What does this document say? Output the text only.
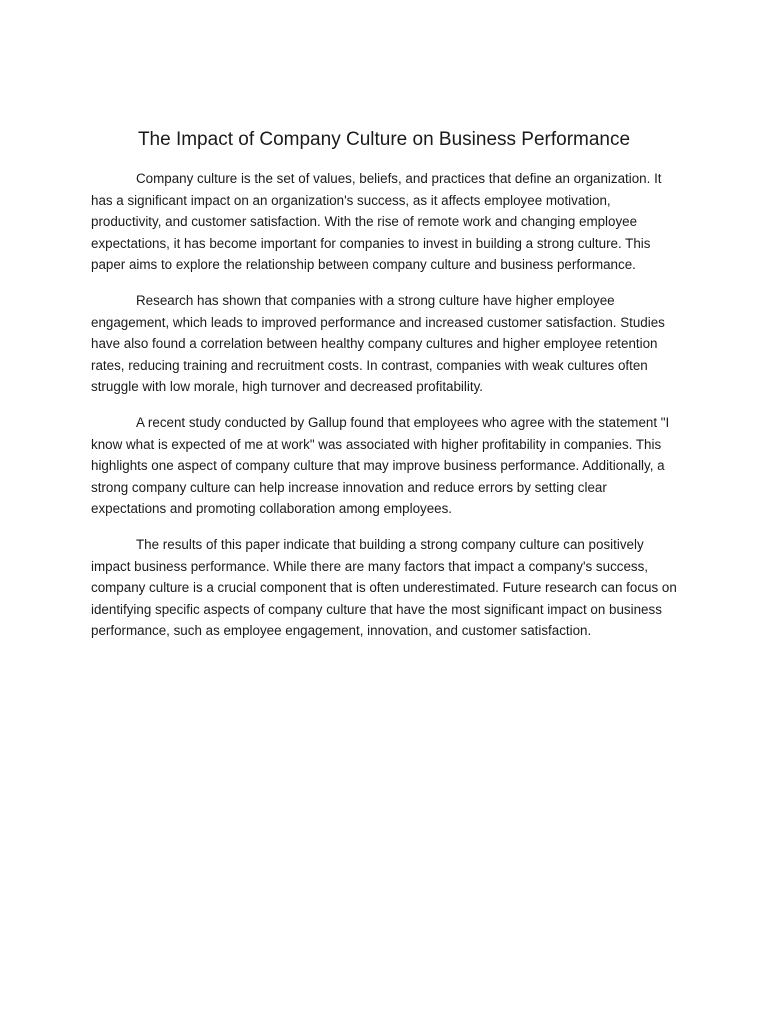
The Impact of Company Culture on Business Performance

Company culture is the set of values, beliefs, and practices that define an organization. It has a significant impact on an organization's success, as it affects employee motivation, productivity, and customer satisfaction. With the rise of remote work and changing employee expectations, it has become important for companies to invest in building a strong culture. This paper aims to explore the relationship between company culture and business performance.

Research has shown that companies with a strong culture have higher employee engagement, which leads to improved performance and increased customer satisfaction. Studies have also found a correlation between healthy company cultures and higher employee retention rates, reducing training and recruitment costs. In contrast, companies with weak cultures often struggle with low morale, high turnover and decreased profitability.

A recent study conducted by Gallup found that employees who agree with the statement "I know what is expected of me at work" was associated with higher profitability in companies. This highlights one aspect of company culture that may improve business performance. Additionally, a strong company culture can help increase innovation and reduce errors by setting clear expectations and promoting collaboration among employees.

The results of this paper indicate that building a strong company culture can positively impact business performance. While there are many factors that impact a company's success, company culture is a crucial component that is often underestimated. Future research can focus on identifying specific aspects of company culture that have the most significant impact on business performance, such as employee engagement, innovation, and customer satisfaction.
